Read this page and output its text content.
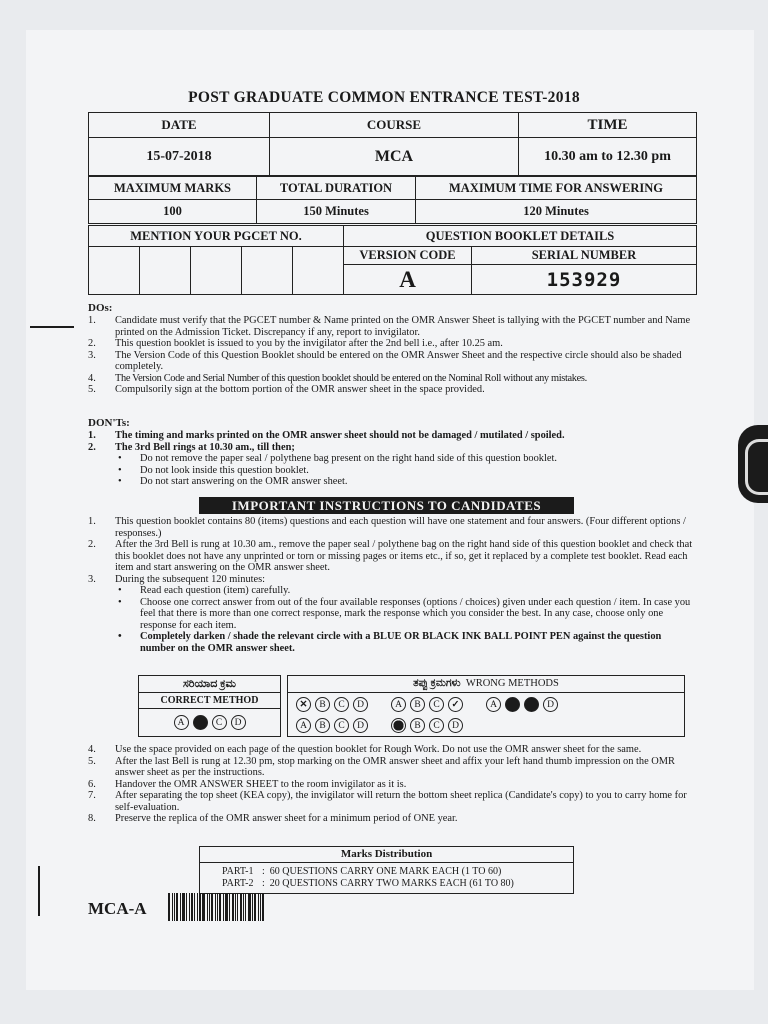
POST GRADUATE COMMON ENTRANCE TEST-2018
DATE	COURSE	TIME
15-07-2018	MCA	10.30 am to 12.30 pm
MAXIMUM MARKS	TOTAL DURATION	MAXIMUM TIME FOR ANSWERING
100	150 Minutes	120 Minutes
MENTION YOUR PGCET NO.					QUESTION BOOKLET DETAILS	
					VERSION CODE	SERIAL NUMBER
					A	153929
DOs:
1. Candidate must verify that the PGCET number & Name printed on the OMR Answer Sheet is tallying with the PGCET number and Name printed on the Admission Ticket. Discrepancy if any, report to invigilator.
2. This question booklet is issued to you by the invigilator after the 2nd bell i.e., after 10.25 am.
3. The Version Code of this Question Booklet should be entered on the OMR Answer Sheet and the respective circle should also be shaded completely.
4. The Version Code and Serial Number of this question booklet should be entered on the Nominal Roll without any mistakes.
5. Compulsorily sign at the bottom portion of the OMR answer sheet in the space provided.
DON'Ts:
1. The timing and marks printed on the OMR answer sheet should not be damaged / mutilated / spoiled.
2. The 3rd Bell rings at 10.30 am., till then;
• Do not remove the paper seal / polythene bag present on the right hand side of this question booklet.
• Do not look inside this question booklet.
• Do not start answering on the OMR answer sheet.
IMPORTANT INSTRUCTIONS TO CANDIDATES
1. This question booklet contains 80 (items) questions and each question will have one statement and four answers. (Four different options / responses.)
2. After the 3rd Bell is rung at 10.30 am., remove the paper seal / polythene bag on the right hand side of this question booklet and check that this booklet does not have any unprinted or torn or missing pages or items etc., if so, get it replaced by a complete test booklet. Read each item and start answering on the OMR answer sheet.
3. During the subsequent 120 minutes:
• Read each question (item) carefully.
• Choose one correct answer from out of the four available responses (options / choices) given under each question / item. In case you feel that there is more than one correct response, mark the response which you consider the best. In any case, choose only one response for each item.
• Completely darken / shade the relevant circle with a BLUE OR BLACK INK BALL POINT PEN against the question number on the OMR answer sheet.
ಸರಿಯಾದ ಕ್ರಮ
CORRECT METHOD
A	C D
ತಪ್ಪು ಕ್ರಮಗಳು WRONG METHODS

✕ B C D	A B C ✓	A	D
A B C D	B C D
4. Use the space provided on each page of the question booklet for Rough Work. Do not use the OMR answer sheet for the same.
5. After the last Bell is rung at 12.30 pm, stop marking on the OMR answer sheet and affix your left hand thumb impression on the OMR answer sheet as per the instructions.
6. Handover the OMR ANSWER SHEET to the room invigilator as it is.
7. After separating the top sheet (KEA copy), the invigilator will return the bottom sheet replica (Candidate's copy) to you to carry home for self-evaluation.
8. Preserve the replica of the OMR answer sheet for a minimum period of ONE year.
Marks Distribution
PART-1 :  60 QUESTIONS CARRY ONE MARK EACH (1 TO 60)
PART-2 :  20 QUESTIONS CARRY TWO MARKS EACH (61 TO 80)
MCA-A
